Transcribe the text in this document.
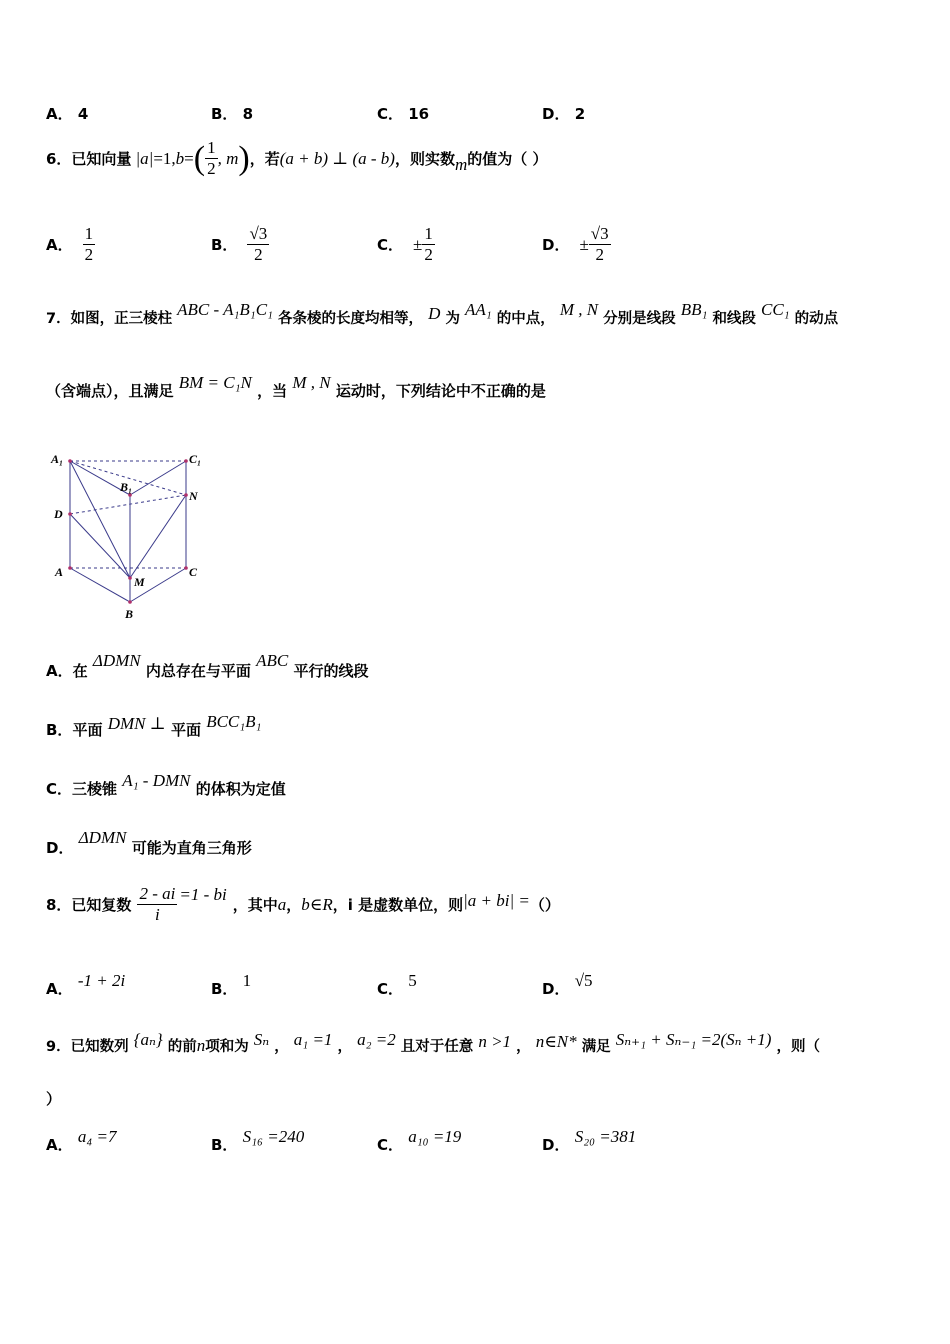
A． 4	B． 8	C． 16	D． 2
6．已知向量 |a| =1, b = ( $\frac{1}{2}$ , m ) ，若 (a + b) ⊥ (a - b) ，则实数 m 的值为（ ）
A． $\frac{1}{2}$	B． $\frac{√3}{2}$	C． ± $\frac{1}{2}$	D． ± $\frac{√3}{2}$
7．如图，正三棱柱 ABC - A₁B₁C₁ 各条棱的长度均相等， D 为 AA₁ 的中点， M , N 分别是线段 BB₁ 和线段 CC₁ 的动点
（含端点），且满足 BM = C₁N ，当 M , N 运动时，下列结论中不正确的是
A₁	C₁
B₁
N
D
A	C
M
B
A．在 ΔDMN 内总存在与平面 ABC 平行的线段
B．平面 DMN ⊥ 平面 BCC₁B₁
C．三棱锥 A₁ - DMN 的体积为定值
D． ΔDMN 可能为直角三角形
8．已知复数 $\frac{2 - ai}{i} =1$ - bi
，其中 a ， b∈R ，i 是虚数单位，则 |a + bi| = （）
A． -1 + 2i	B． 1	C． 5	D． √5
9．已知数列 {aₙ} 的前n项和为 Sₙ ， a₁ =1 ， a₂ =2 且对于任意 n >1 ， n∈N* 满足 Sₙ₊₁ + Sₙ₋₁ =2(Sₙ +1) ，则（
）
A． a₄ =7	B． S₁₆ =240	C． a₁₀ =19	D． S₂₀ =381
